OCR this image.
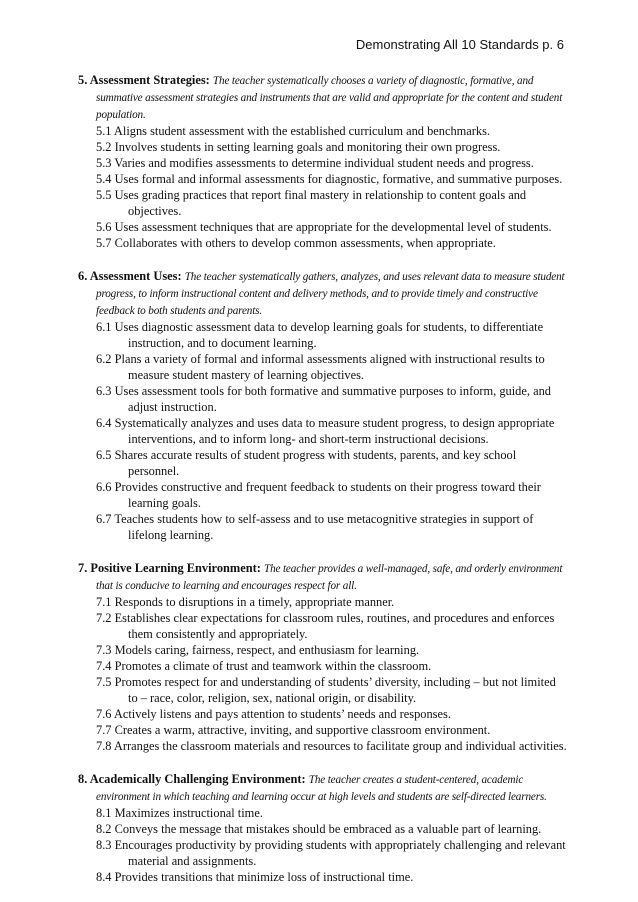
Demonstrating All 10 Standards p. 6
5. Assessment Strategies: The teacher systematically chooses a variety of diagnostic, formative, and summative assessment strategies and instruments that are valid and appropriate for the content and student population.
5.1 Aligns student assessment with the established curriculum and benchmarks.
5.2 Involves students in setting learning goals and monitoring their own progress.
5.3 Varies and modifies assessments to determine individual student needs and progress.
5.4 Uses formal and informal assessments for diagnostic, formative, and summative purposes.
5.5 Uses grading practices that report final mastery in relationship to content goals and objectives.
5.6 Uses assessment techniques that are appropriate for the developmental level of students.
5.7 Collaborates with others to develop common assessments, when appropriate.
6. Assessment Uses: The teacher systematically gathers, analyzes, and uses relevant data to measure student progress, to inform instructional content and delivery methods, and to provide timely and constructive feedback to both students and parents.
6.1 Uses diagnostic assessment data to develop learning goals for students, to differentiate instruction, and to document learning.
6.2 Plans a variety of formal and informal assessments aligned with instructional results to measure student mastery of learning objectives.
6.3 Uses assessment tools for both formative and summative purposes to inform, guide, and adjust instruction.
6.4 Systematically analyzes and uses data to measure student progress, to design appropriate interventions, and to inform long- and short-term instructional decisions.
6.5 Shares accurate results of student progress with students, parents, and key school personnel.
6.6 Provides constructive and frequent feedback to students on their progress toward their learning goals.
6.7 Teaches students how to self-assess and to use metacognitive strategies in support of lifelong learning.
7. Positive Learning Environment: The teacher provides a well-managed, safe, and orderly environment that is conducive to learning and encourages respect for all.
7.1 Responds to disruptions in a timely, appropriate manner.
7.2 Establishes clear expectations for classroom rules, routines, and procedures and enforces them consistently and appropriately.
7.3 Models caring, fairness, respect, and enthusiasm for learning.
7.4 Promotes a climate of trust and teamwork within the classroom.
7.5 Promotes respect for and understanding of students’ diversity, including – but not limited to – race, color, religion, sex, national origin, or disability.
7.6 Actively listens and pays attention to students’ needs and responses.
7.7 Creates a warm, attractive, inviting, and supportive classroom environment.
7.8 Arranges the classroom materials and resources to facilitate group and individual activities.
8. Academically Challenging Environment: The teacher creates a student-centered, academic environment in which teaching and learning occur at high levels and students are self-directed learners.
8.1 Maximizes instructional time.
8.2 Conveys the message that mistakes should be embraced as a valuable part of learning.
8.3 Encourages productivity by providing students with appropriately challenging and relevant material and assignments.
8.4 Provides transitions that minimize loss of instructional time.
